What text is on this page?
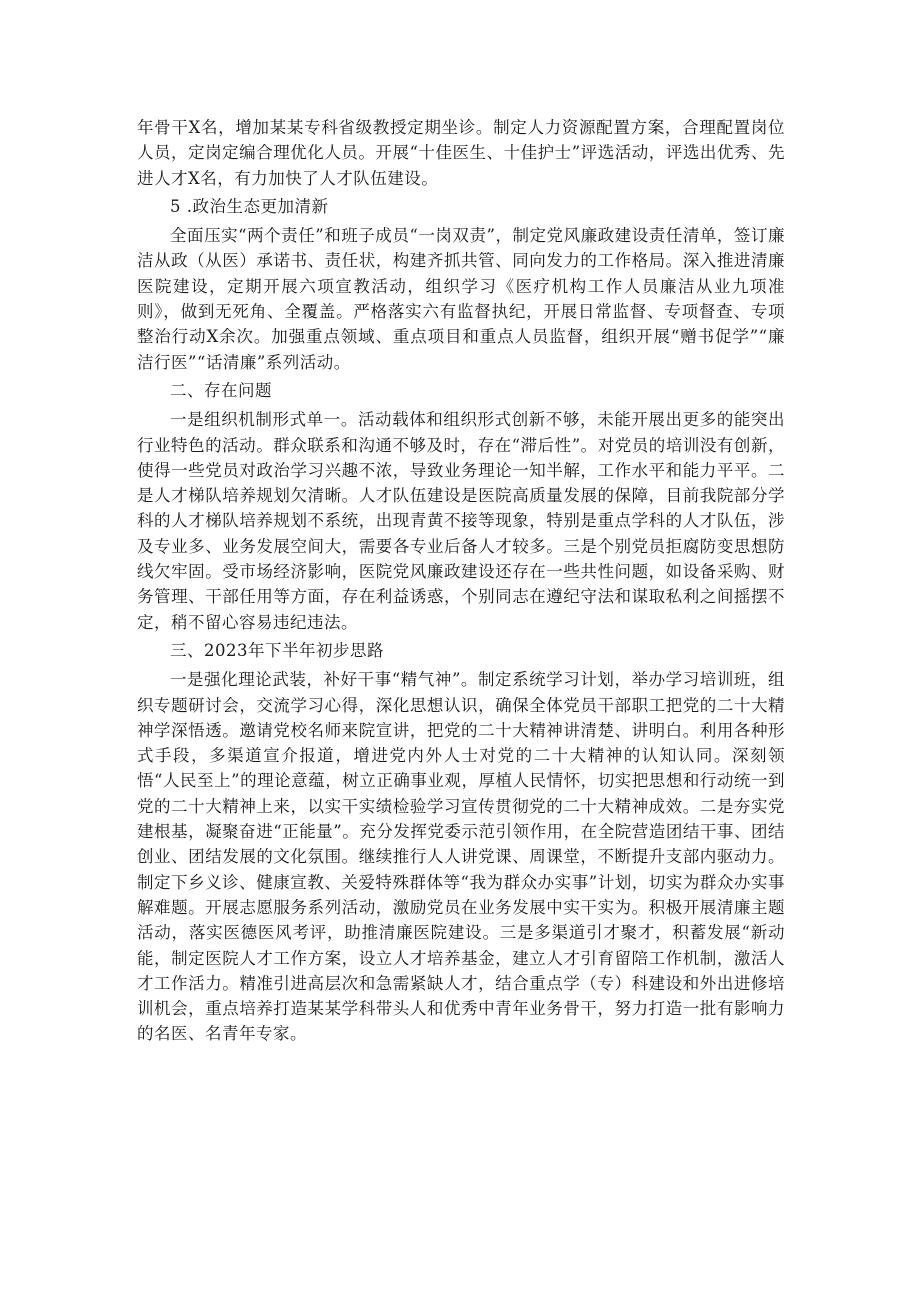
年骨干X名，增加某某专科省级教授定期坐诊。制定人力资源配置方案，合理配置岗位人员，定岗定编合理优化人员。开展“十佳医生、十佳护士”评选活动，评选出优秀、先进人才X名，有力加快了人才队伍建设。

5 .政治生态更加清新

全面压实“两个责任”和班子成员“一岗双责”，制定党风廉政建设责任清单，签订廉洁从政（从医）承诺书、责任状，构建齐抓共管、同向发力的工作格局。深入推进清廉医院建设，定期开展六项宣教活动，组织学习《医疗机构工作人员廉洁从业九项准则》，做到无死角、全覆盖。严格落实六有监督执纪，开展日常监督、专项督查、专项整治行动X余次。加强重点领域、重点项目和重点人员监督，组织开展“赠书促学”“廉洁行医”“话清廉”系列活动。

二、存在问题

一是组织机制形式单一。活动载体和组织形式创新不够，未能开展出更多的能突出行业特色的活动。群众联系和沟通不够及时，存在“滞后性”。对党员的培训没有创新，使得一些党员对政治学习兴趣不浓，导致业务理论一知半解，工作水平和能力平平。二是人才梯队培养规划欠清晰。人才队伍建设是医院高质量发展的保障，目前我院部分学科的人才梯队培养规划不系统，出现青黄不接等现象，特别是重点学科的人才队伍，涉及专业多、业务发展空间大，需要各专业后备人才较多。三是个别党员拒腐防变思想防线欠牢固。受市场经济影响，医院党风廉政建设还存在一些共性问题，如设备采购、财务管理、干部任用等方面，存在利益诱惑，个别同志在遵纪守法和谋取私利之间摇摆不定，稍不留心容易违纪违法。

三、2023年下半年初步思路

一是强化理论武装，补好干事“精气神”。制定系统学习计划，举办学习培训班，组织专题研讨会，交流学习心得，深化思想认识，确保全体党员干部职工把党的二十大精神学深悟透。邀请党校名师来院宣讲，把党的二十大精神讲清楚、讲明白。利用各种形式手段，多渠道宣介报道，增进党内外人士对党的二十大精神的认知认同。深刻领悟“人民至上”的理论意蕴，树立正确事业观，厚植人民情怀，切实把思想和行动统一到党的二十大精神上来，以实干实绩检验学习宣传贯彻党的二十大精神成效。二是夯实党建根基，凝聚奋进“正能量”。充分发挥党委示范引领作用，在全院营造团结干事、团结创业、团结发展的文化氛围。继续推行人人讲党课、周课堂，不断提升支部内驱动力。制定下乡义诊、健康宣教、关爱特殊群体等“我为群众办实事”计划，切实为群众办实事解难题。开展志愿服务系列活动，激励党员在业务发展中实干实为。积极开展清廉主题活动，落实医德医风考评，助推清廉医院建设。三是多渠道引才聚才，积蓄发展“新动能，制定医院人才工作方案，设立人才培养基金，建立人才引育留陪工作机制，激活人才工作活力。精准引进高层次和急需紧缺人才，结合重点学（专）科建设和外出进修培训机会，重点培养打造某某学科带头人和优秀中青年业务骨干，努力打造一批有影响力的名医、名青年专家。
